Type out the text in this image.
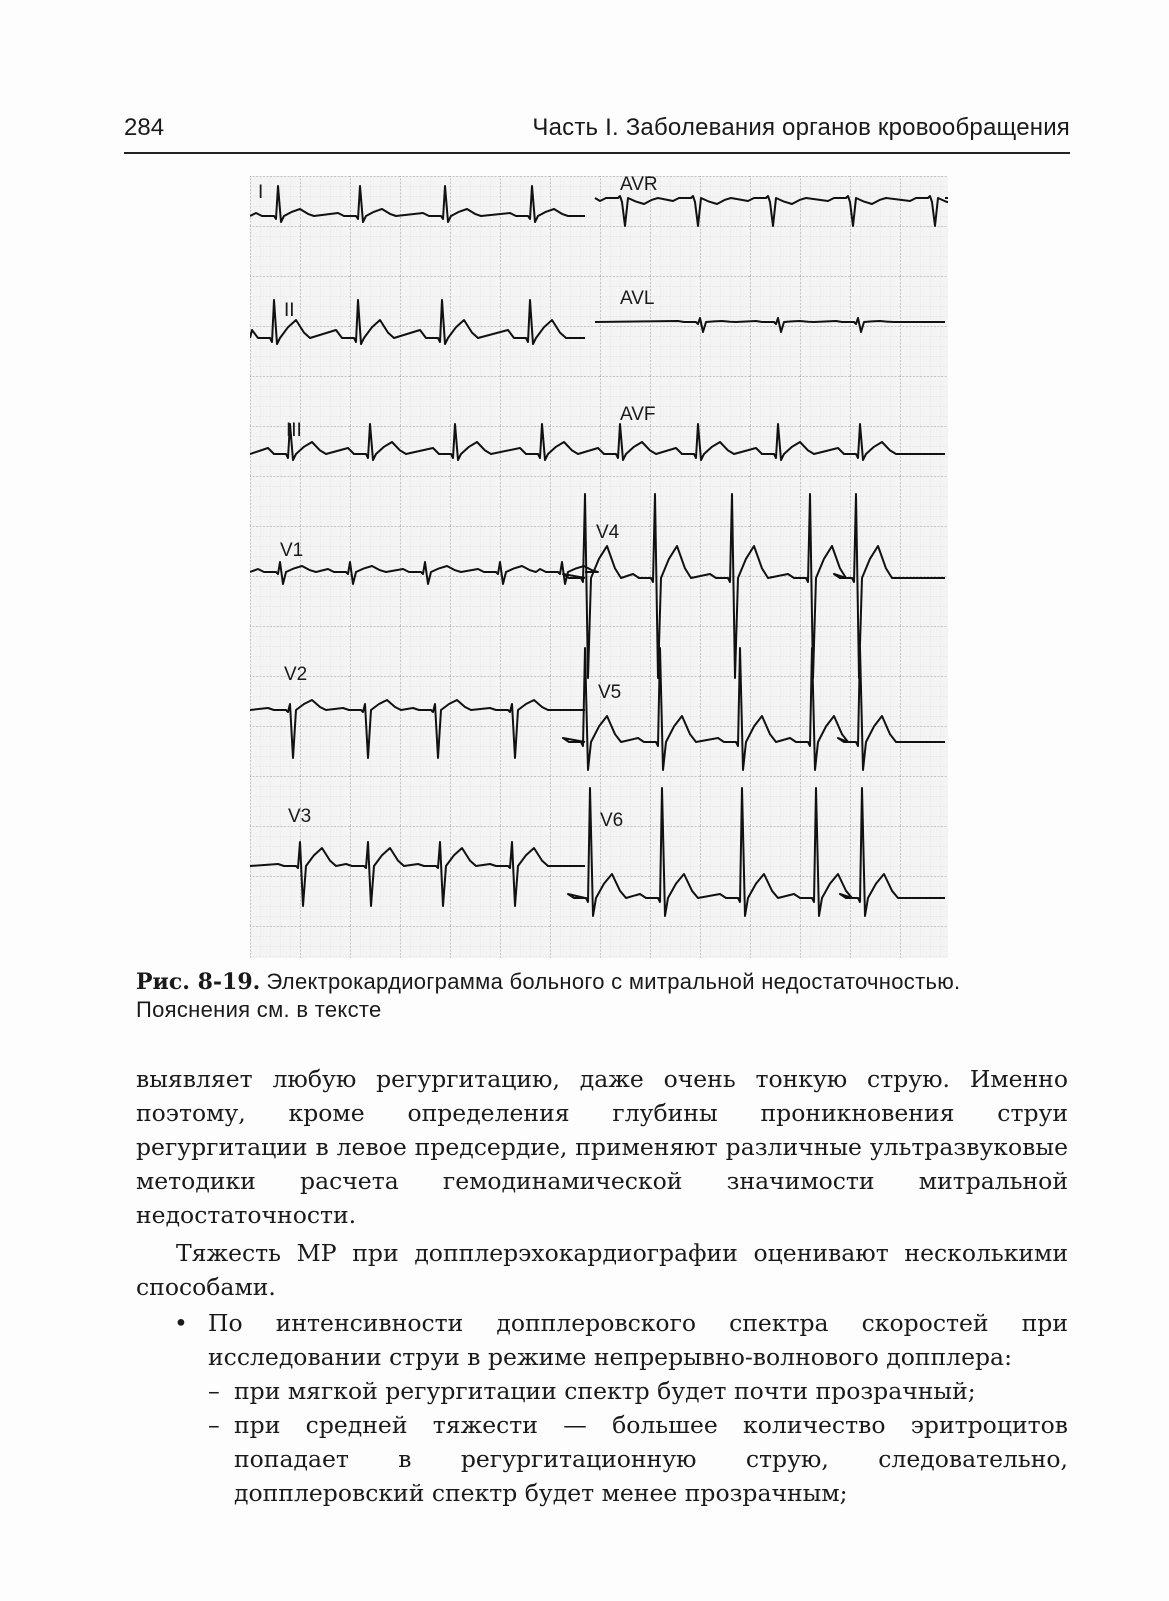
284	Часть I. Заболевания органов кровообращения
I	AVR
II
AVL
III
AVF
V1
V4
V2
V5
V3	V6
Рис. 8-19. Электрокардиограмма больного с митральной недостаточностью. Пояснения см. в тексте

выявляет любую регургитацию, даже очень тонкую струю. Именно поэтому, кроме определения глубины проникновения струи регургитации в левое предсердие, применяют различные ультразвуковые методики расчета гемодинамической значимости митральной недостаточности.

Тяжесть МР при допплерэхокардиографии оценивают несколькими способами.

• По интенсивности допплеровского спектра скоростей при исследовании струи в режиме непрерывно-волнового допплера:
– при мягкой регургитации спектр будет почти прозрачный;
– при средней тяжести — большее количество эритроцитов попадает в регургитационную струю, следовательно, допплеровский спектр будет менее прозрачным;
